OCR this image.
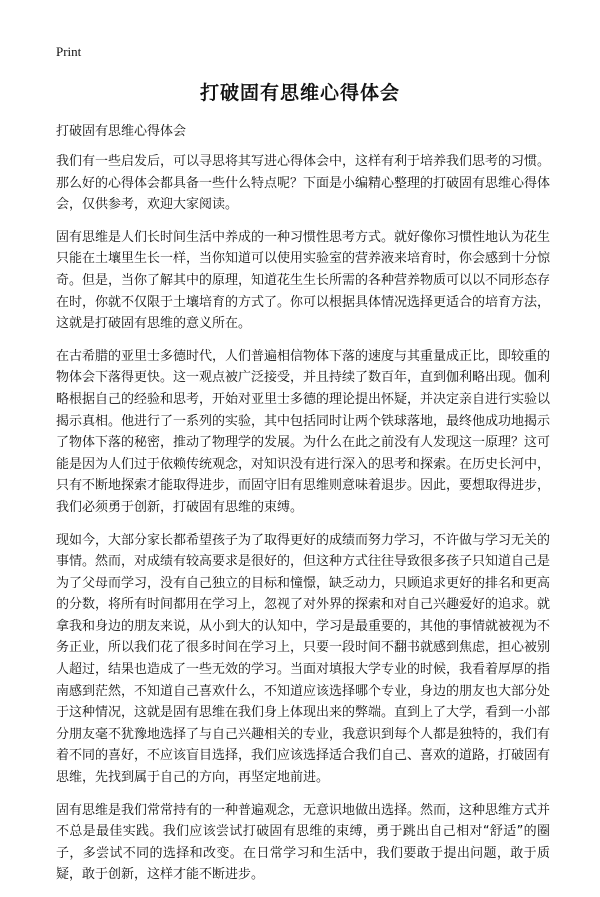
Print
打破固有思维心得体会

打破固有思维心得体会

我们有一些启发后，可以寻思将其写进心得体会中，这样有利于培养我们思考的习惯。那么好的心得体会都具备一些什么特点呢？下面是小编精心整理的打破固有思维心得体会，仅供参考，欢迎大家阅读。

固有思维是人们长时间生活中养成的一种习惯性思考方式。就好像你习惯性地认为花生只能在土壤里生长一样，当你知道可以使用实验室的营养液来培育时，你会感到十分惊奇。但是，当你了解其中的原理，知道花生生长所需的各种营养物质可以以不同形态存在时，你就不仅限于土壤培育的方式了。你可以根据具体情况选择更适合的培育方法，这就是打破固有思维的意义所在。

在古希腊的亚里士多德时代，人们普遍相信物体下落的速度与其重量成正比，即较重的物体会下落得更快。这一观点被广泛接受，并且持续了数百年，直到伽利略出现。伽利略根据自己的经验和思考，开始对亚里士多德的理论提出怀疑，并决定亲自进行实验以揭示真相。他进行了一系列的实验，其中包括同时让两个铁球落地，最终他成功地揭示了物体下落的秘密，推动了物理学的发展。为什么在此之前没有人发现这一原理？这可能是因为人们过于依赖传统观念，对知识没有进行深入的思考和探索。在历史长河中，只有不断地探索才能取得进步，而固守旧有思维则意味着退步。因此，要想取得进步，我们必须勇于创新，打破固有思维的束缚。

现如今，大部分家长都希望孩子为了取得更好的成绩而努力学习，不许做与学习无关的事情。然而，对成绩有较高要求是很好的，但这种方式往往导致很多孩子只知道自己是为了父母而学习，没有自己独立的目标和憧憬，缺乏动力，只顾追求更好的排名和更高的分数，将所有时间都用在学习上，忽视了对外界的探索和对自己兴趣爱好的追求。就拿我和身边的朋友来说，从小到大的认知中，学习是最重要的，其他的事情就被视为不务正业，所以我们花了很多时间在学习上，只要一段时间不翻书就感到焦虑，担心被别人超过，结果也造成了一些无效的学习。当面对填报大学专业的时候，我看着厚厚的指南感到茫然，不知道自己喜欢什么，不知道应该选择哪个专业，身边的朋友也大部分处于这种情况，这就是固有思维在我们身上体现出来的弊端。直到上了大学，看到一小部分朋友毫不犹豫地选择了与自己兴趣相关的专业，我意识到每个人都是独特的，我们有着不同的喜好，不应该盲目选择，我们应该选择适合我们自己、喜欢的道路，打破固有思维，先找到属于自己的方向，再坚定地前进。

固有思维是我们常常持有的一种普遍观念，无意识地做出选择。然而，这种思维方式并不总是最佳实践。我们应该尝试打破固有思维的束缚，勇于跳出自己相对“舒适”的圈子，多尝试不同的选择和改变。在日常学习和生活中，我们要敢于提出问题，敢于质疑，敢于创新，这样才能不断进步。
